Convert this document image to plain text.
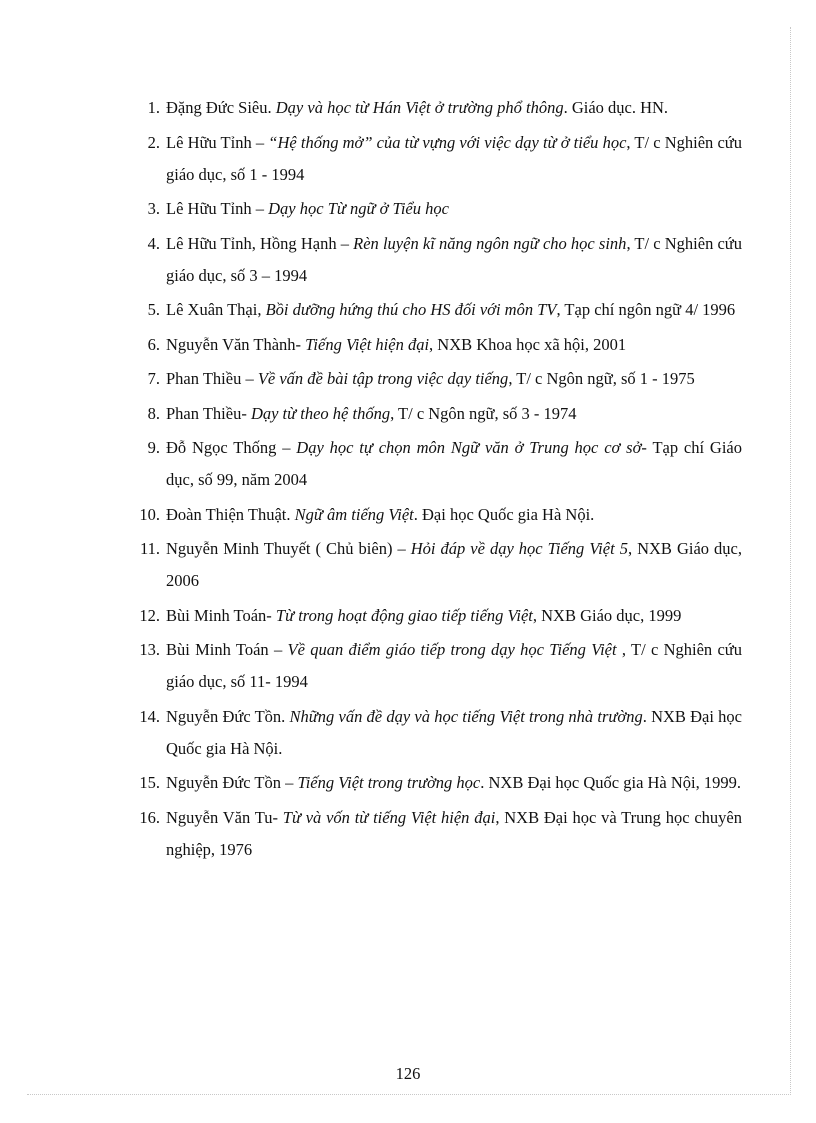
1. Đặng Đức Siêu. Dạy và học từ Hán Việt ở trường phổ thông. Giáo dục. HN.
2. Lê Hữu Tỉnh – “Hệ thống mở” của từ vựng với việc dạy từ ở tiểu học, T/ c Nghiên cứu giáo dục, số 1 - 1994
3. Lê Hữu Tỉnh – Dạy học Từ ngữ ở Tiểu học
4. Lê Hữu Tỉnh, Hồng Hạnh – Rèn luyện kĩ năng ngôn ngữ cho học sinh, T/ c Nghiên cứu giáo dục, số 3 – 1994
5. Lê Xuân Thại, Bồi dưỡng hứng thú cho HS đối với môn TV, Tạp chí ngôn ngữ 4/ 1996
6. Nguyễn Văn Thành- Tiếng Việt hiện đại, NXB Khoa học xã hội, 2001
7. Phan Thiều – Về vấn đề bài tập trong việc dạy tiếng, T/ c Ngôn ngữ, số 1 - 1975
8. Phan Thiều- Dạy từ theo hệ thống, T/ c Ngôn ngữ, số 3 - 1974
9. Đỗ Ngọc Thống – Dạy học tự chọn môn Ngữ văn ở Trung học cơ sở- Tạp chí Giáo dục, số 99, năm 2004
10. Đoàn Thiện Thuật. Ngữ âm tiếng Việt. Đại học Quốc gia Hà Nội.
11. Nguyễn Minh Thuyết ( Chủ biên) – Hỏi đáp về dạy học Tiếng Việt 5, NXB Giáo dục, 2006
12. Bùi Minh Toán- Từ trong hoạt động giao tiếp tiếng Việt, NXB Giáo dục, 1999
13. Bùi Minh Toán – Về quan điểm giáo tiếp trong dạy học Tiếng Việt , T/ c Nghiên cứu giáo dục, số 11- 1994
14. Nguyễn Đức Tồn. Những vấn đề dạy và học tiếng Việt trong nhà trường. NXB Đại học Quốc gia Hà Nội.
15. Nguyễn Đức Tồn – Tiếng Việt trong trường học. NXB Đại học Quốc gia Hà Nội, 1999.
16. Nguyễn Văn Tu- Từ và vốn từ tiếng Việt hiện đại, NXB Đại học và Trung học chuyên nghiệp, 1976
126
